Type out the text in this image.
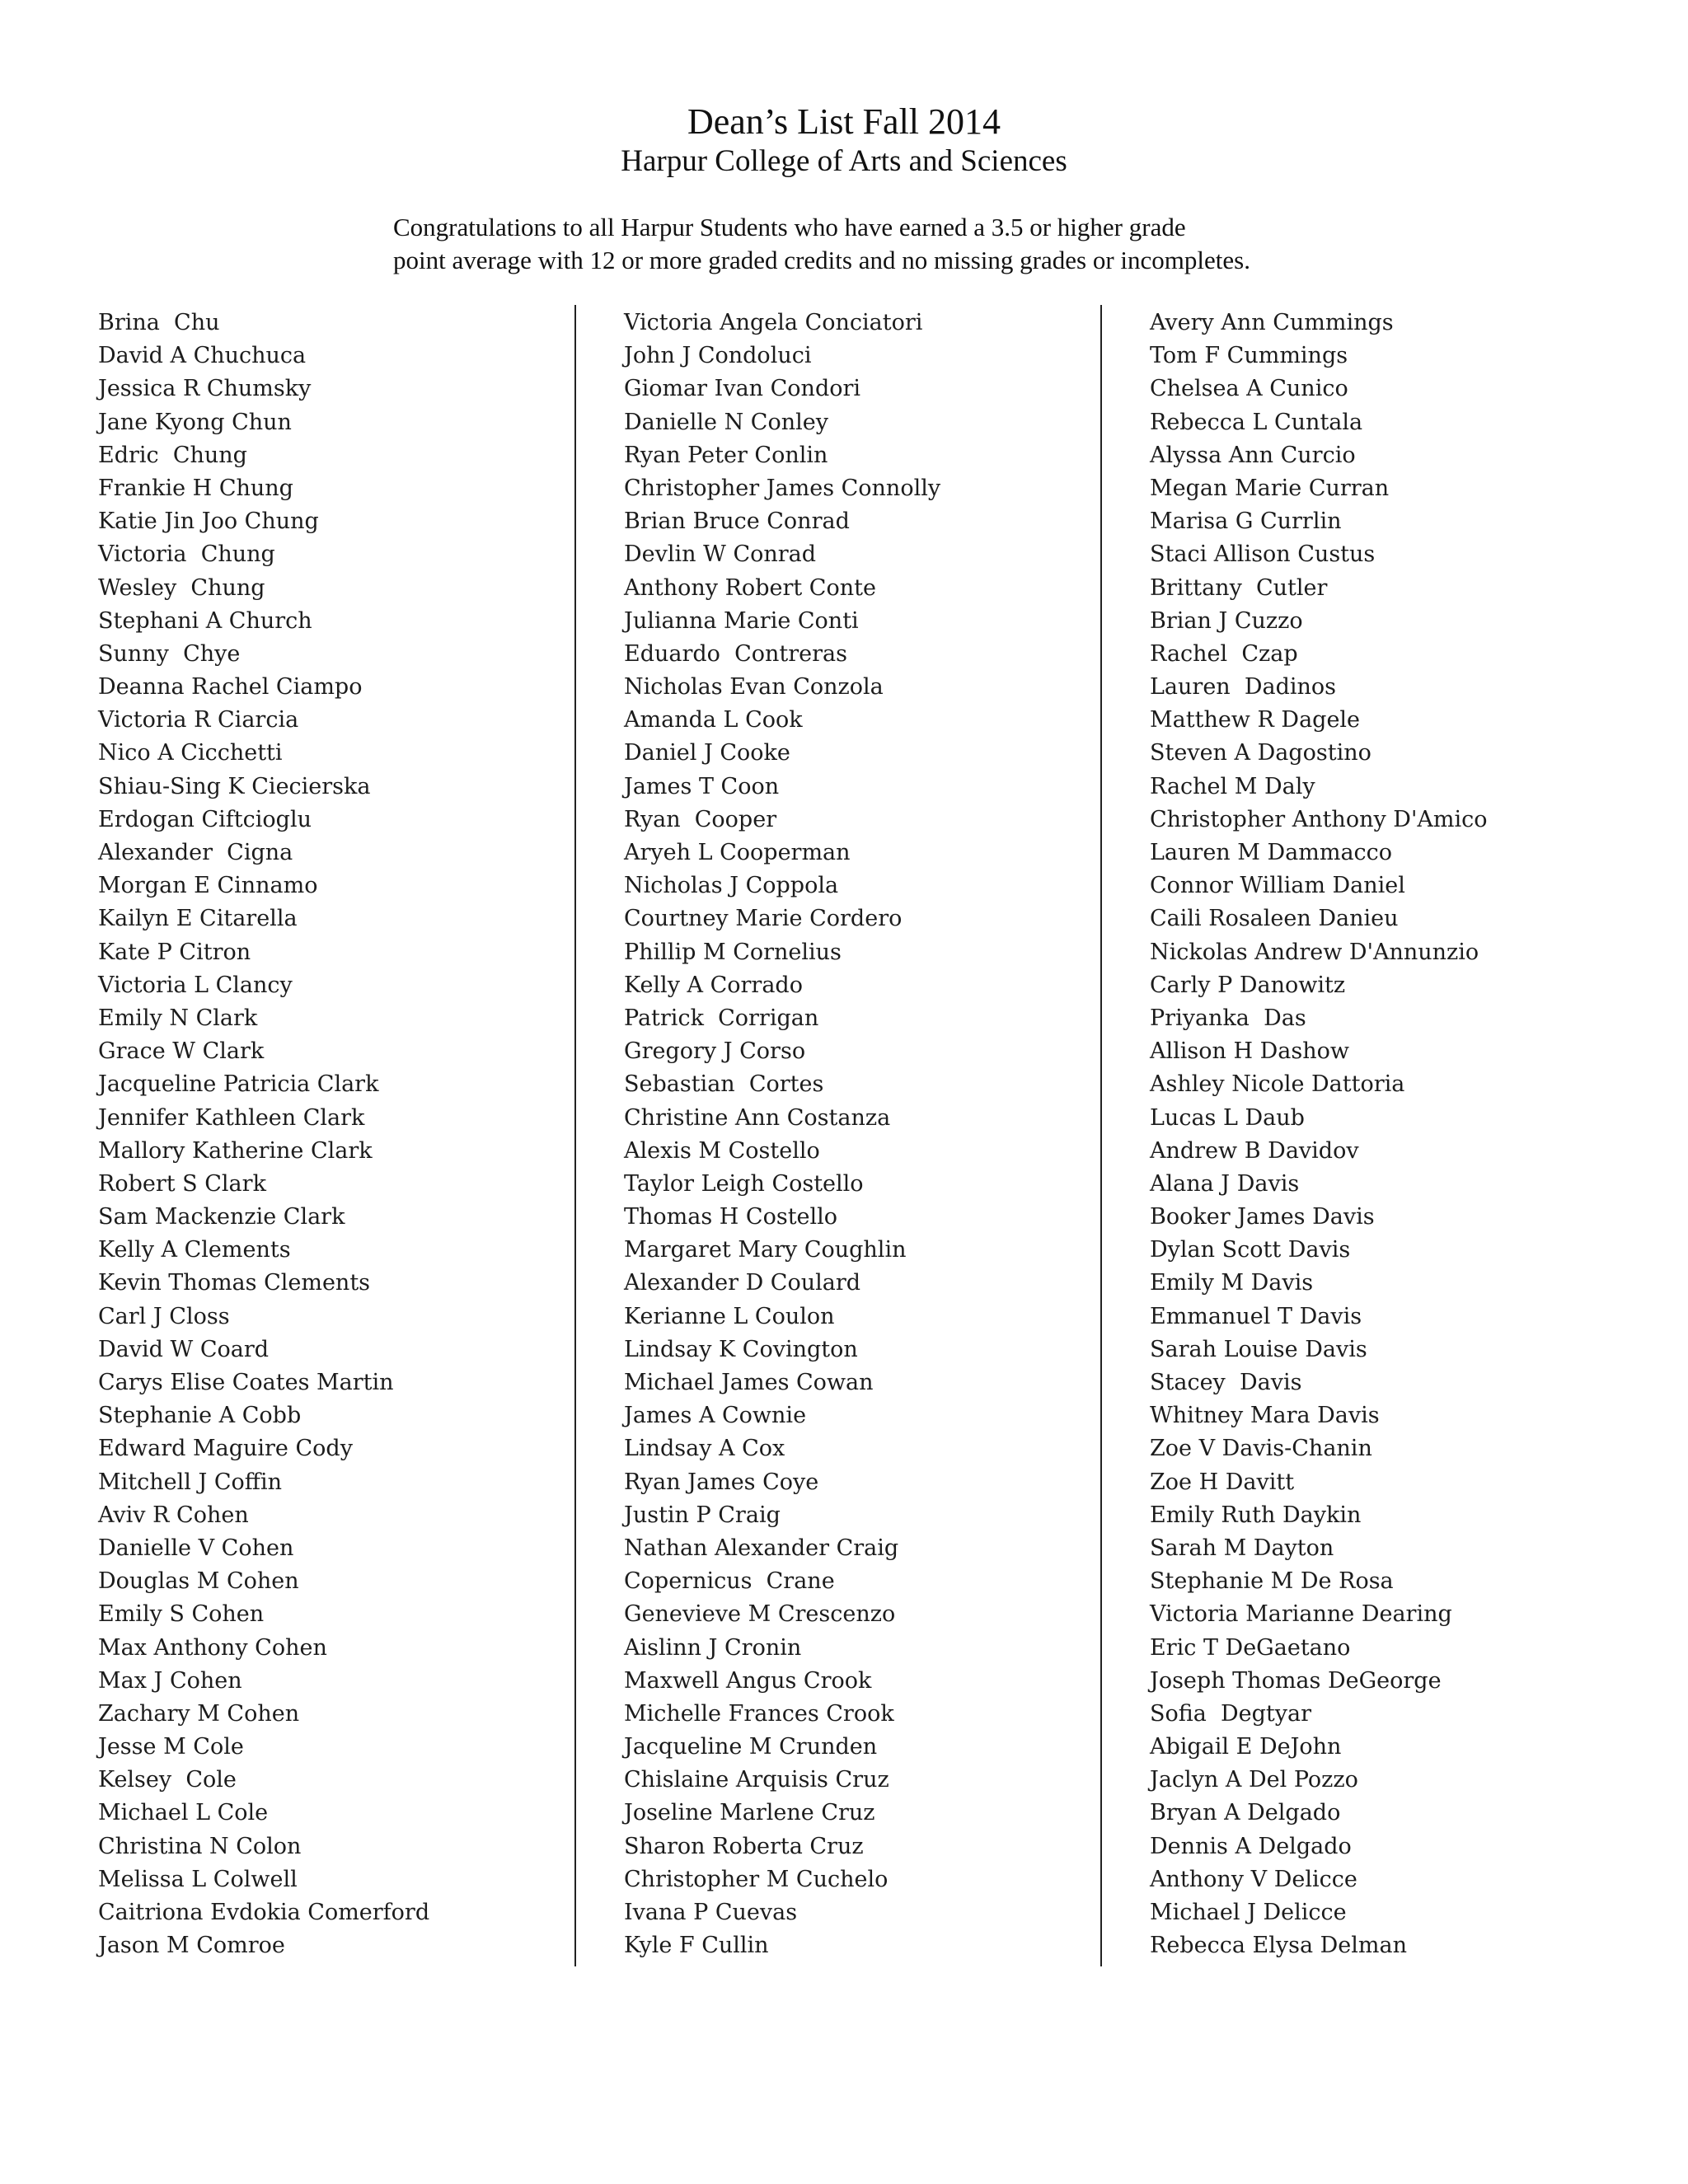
Dean’s List Fall 2014
Harpur College of Arts and Sciences
Congratulations to all Harpur Students who have earned a 3.5 or higher grade
point average with 12 or more graded credits and no missing grades or incompletes.
Brina  Chu
David A Chuchuca
Jessica R Chumsky
Jane Kyong Chun
Edric  Chung
Frankie H Chung
Katie Jin Joo Chung
Victoria  Chung
Wesley  Chung
Stephani A Church
Sunny  Chye
Deanna Rachel Ciampo
Victoria R Ciarcia
Nico A Cicchetti
Shiau-Sing K Ciecierska
Erdogan Ciftcioglu
Alexander  Cigna
Morgan E Cinnamo
Kailyn E Citarella
Kate P Citron
Victoria L Clancy
Emily N Clark
Grace W Clark
Jacqueline Patricia Clark
Jennifer Kathleen Clark
Mallory Katherine Clark
Robert S Clark
Sam Mackenzie Clark
Kelly A Clements
Kevin Thomas Clements
Carl J Closs
David W Coard
Carys Elise Coates Martin
Stephanie A Cobb
Edward Maguire Cody
Mitchell J Coffin
Aviv R Cohen
Danielle V Cohen
Douglas M Cohen
Emily S Cohen
Max Anthony Cohen
Max J Cohen
Zachary M Cohen
Jesse M Cole
Kelsey  Cole
Michael L Cole
Christina N Colon
Melissa L Colwell
Caitriona Evdokia Comerford
Jason M Comroe
Victoria Angela Conciatori
John J Condoluci
Giomar Ivan Condori
Danielle N Conley
Ryan Peter Conlin
Christopher James Connolly
Brian Bruce Conrad
Devlin W Conrad
Anthony Robert Conte
Julianna Marie Conti
Eduardo  Contreras
Nicholas Evan Conzola
Amanda L Cook
Daniel J Cooke
James T Coon
Ryan  Cooper
Aryeh L Cooperman
Nicholas J Coppola
Courtney Marie Cordero
Phillip M Cornelius
Kelly A Corrado
Patrick  Corrigan
Gregory J Corso
Sebastian  Cortes
Christine Ann Costanza
Alexis M Costello
Taylor Leigh Costello
Thomas H Costello
Margaret Mary Coughlin
Alexander D Coulard
Kerianne L Coulon
Lindsay K Covington
Michael James Cowan
James A Cownie
Lindsay A Cox
Ryan James Coye
Justin P Craig
Nathan Alexander Craig
Copernicus  Crane
Genevieve M Crescenzo
Aislinn J Cronin
Maxwell Angus Crook
Michelle Frances Crook
Jacqueline M Crunden
Chislaine Arquisis Cruz
Joseline Marlene Cruz
Sharon Roberta Cruz
Christopher M Cuchelo
Ivana P Cuevas
Kyle F Cullin
Avery Ann Cummings
Tom F Cummings
Chelsea A Cunico
Rebecca L Cuntala
Alyssa Ann Curcio
Megan Marie Curran
Marisa G Currlin
Staci Allison Custus
Brittany  Cutler
Brian J Cuzzo
Rachel  Czap
Lauren  Dadinos
Matthew R Dagele
Steven A Dagostino
Rachel M Daly
Christopher Anthony D'Amico
Lauren M Dammacco
Connor William Daniel
Caili Rosaleen Danieu
Nickolas Andrew D'Annunzio
Carly P Danowitz
Priyanka  Das
Allison H Dashow
Ashley Nicole Dattoria
Lucas L Daub
Andrew B Davidov
Alana J Davis
Booker James Davis
Dylan Scott Davis
Emily M Davis
Emmanuel T Davis
Sarah Louise Davis
Stacey  Davis
Whitney Mara Davis
Zoe V Davis-Chanin
Zoe H Davitt
Emily Ruth Daykin
Sarah M Dayton
Stephanie M De Rosa
Victoria Marianne Dearing
Eric T DeGaetano
Joseph Thomas DeGeorge
Sofia  Degtyar
Abigail E DeJohn
Jaclyn A Del Pozzo
Bryan A Delgado
Dennis A Delgado
Anthony V Delicce
Michael J Delicce
Rebecca Elysa Delman
